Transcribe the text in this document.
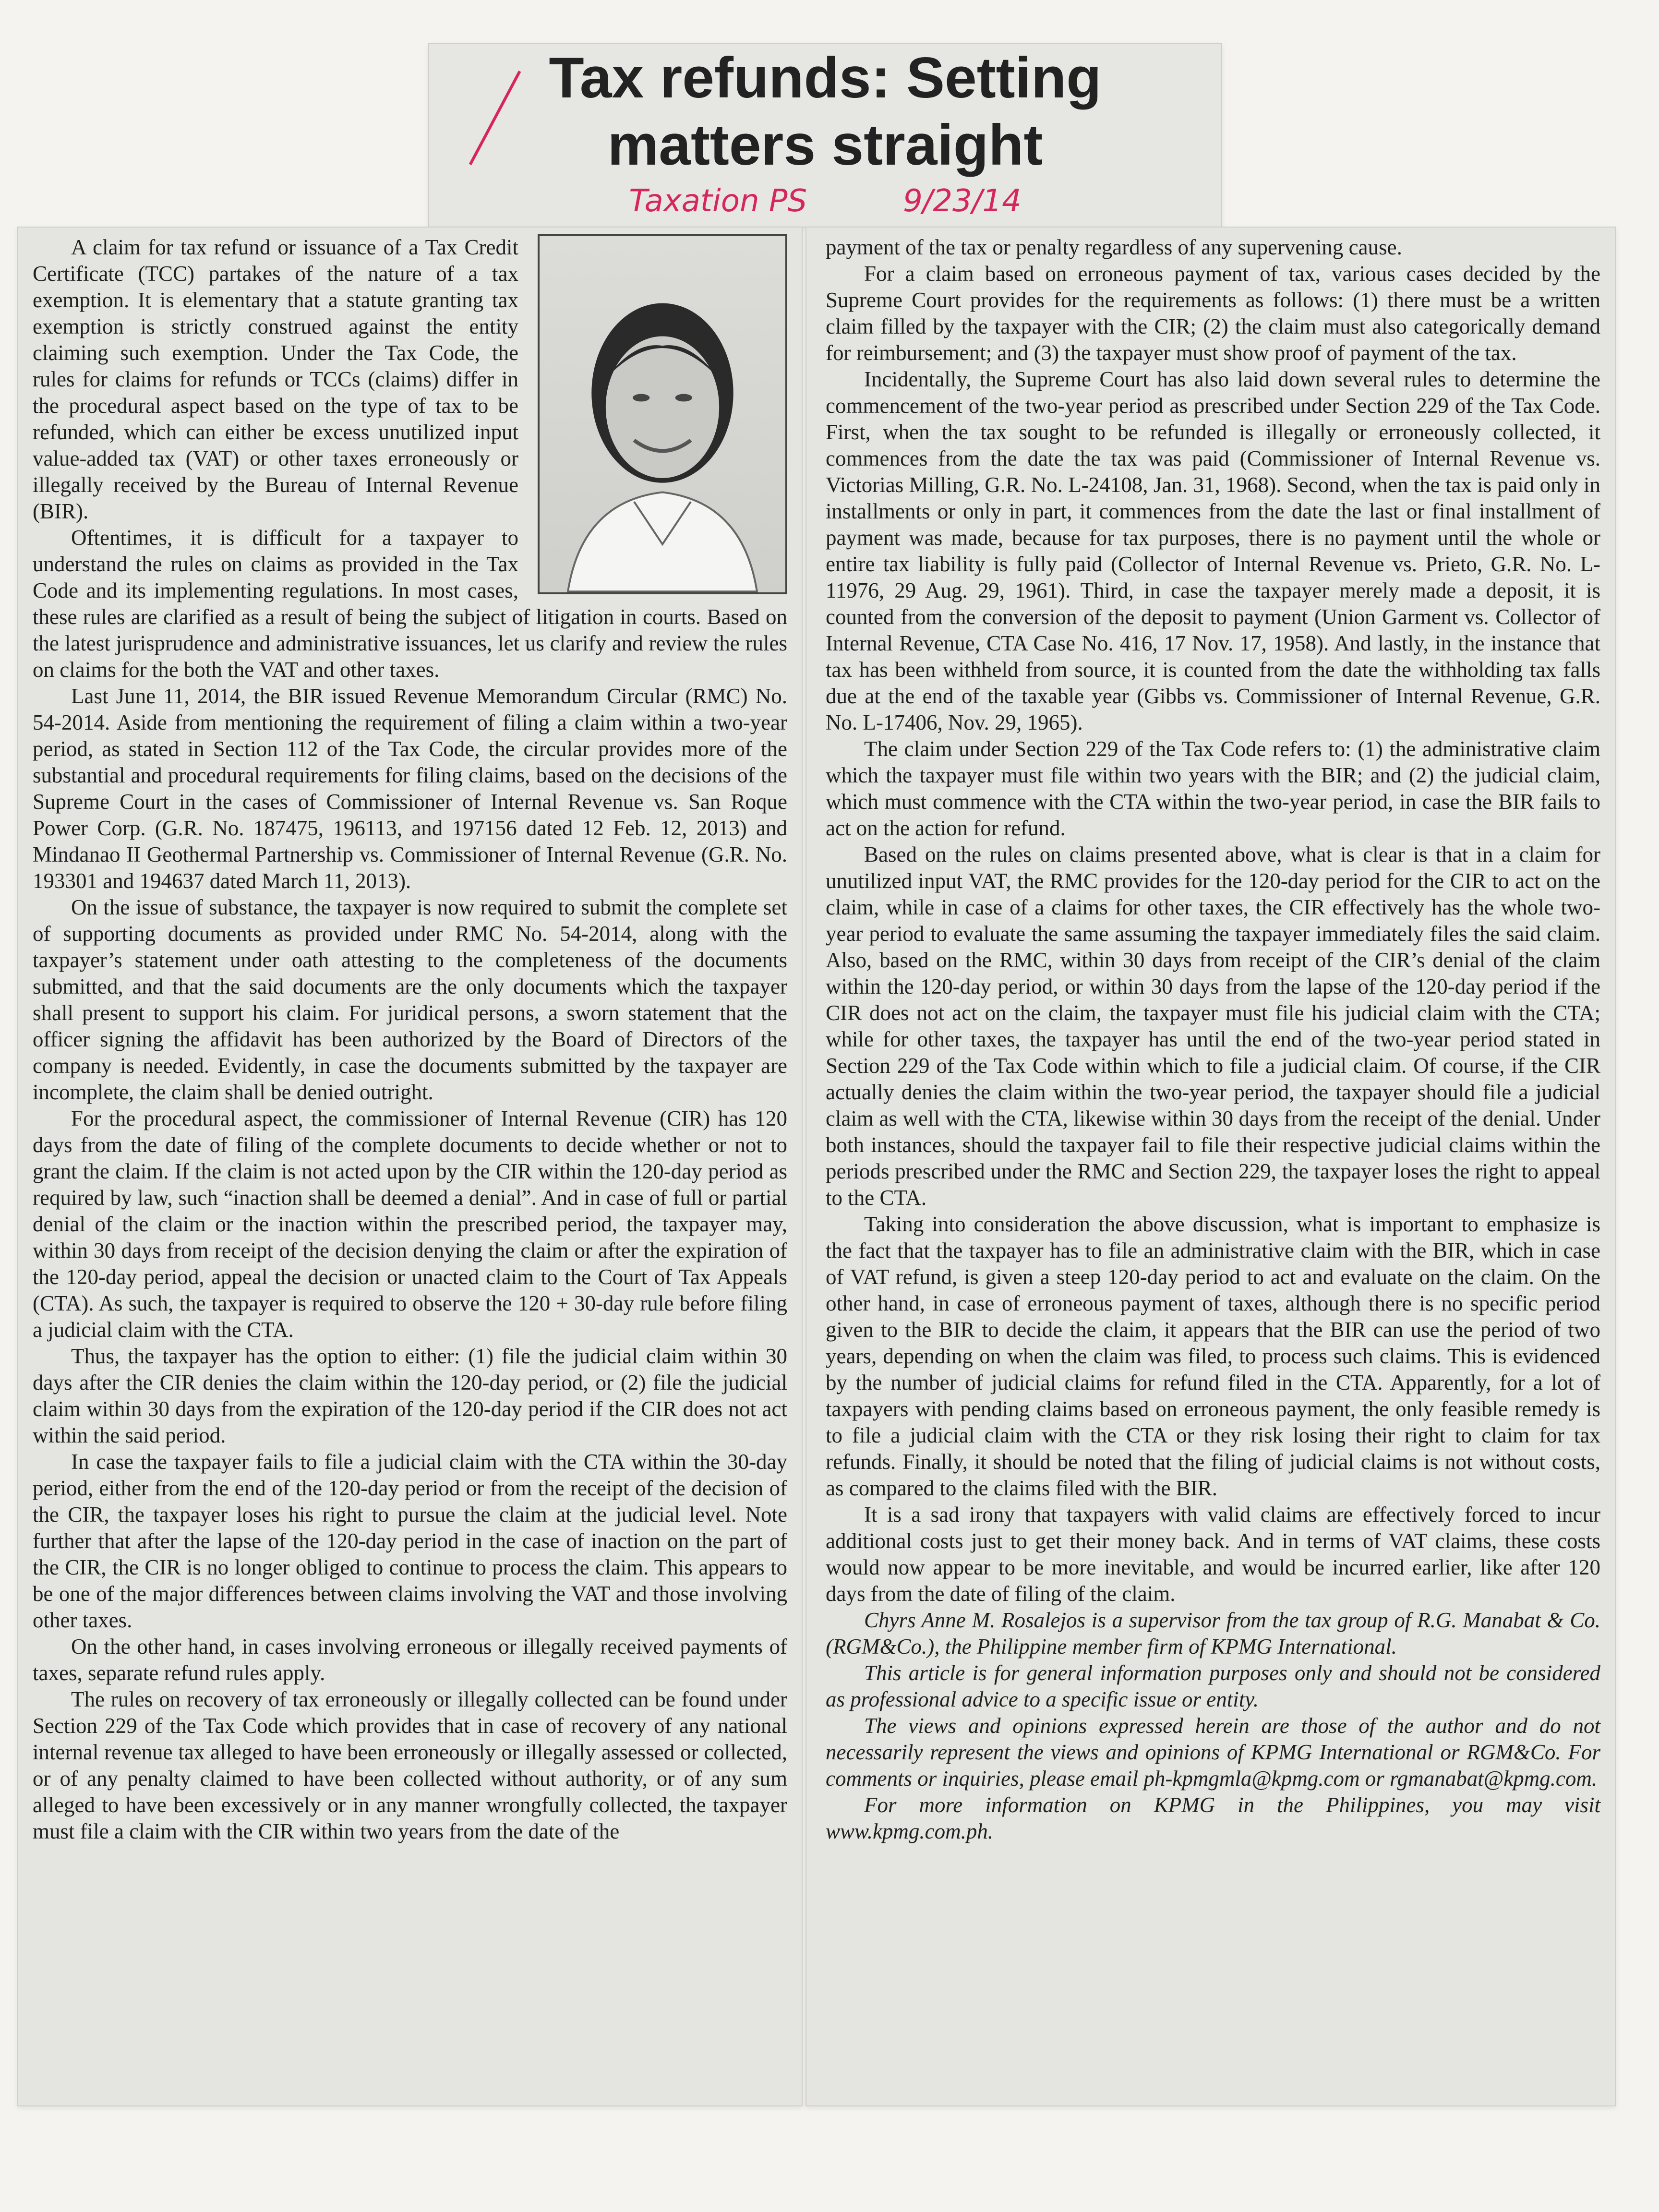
Tax refunds: Setting
matters straight
Taxation PS	9/23/14

A claim for tax refund or issuance of a Tax Credit Certificate (TCC) partakes of the nature of a tax exemption. It is elementary that a statute granting tax exemption is strictly construed against the entity claiming such exemption. Under the Tax Code, the rules for claims for refunds or TCCs (claims) differ in the procedural aspect based on the type of tax to be refunded, which can either be excess unutilized input value-added tax (VAT) or other taxes erroneously or illegally received by the Bureau of Internal Revenue (BIR).

Oftentimes, it is difficult for a taxpayer to understand the rules on claims as provided in the Tax Code and its implementing regulations. In most cases, these rules are clarified as a result of being the subject of litigation in courts. Based on the latest jurisprudence and administrative issuances, let us clarify and review the rules on claims for the both the VAT and other taxes.

Last June 11, 2014, the BIR issued Revenue Memorandum Circular (RMC) No. 54-2014. Aside from mentioning the requirement of filing a claim within a two-year period, as stated in Section 112 of the Tax Code, the circular provides more of the substantial and procedural requirements for filing claims, based on the decisions of the Supreme Court in the cases of Commissioner of Internal Revenue vs. San Roque Power Corp. (G.R. No. 187475, 196113, and 197156 dated 12 Feb. 12, 2013) and Mindanao II Geothermal Partnership vs. Commissioner of Internal Revenue (G.R. No. 193301 and 194637 dated March 11, 2013).

On the issue of substance, the taxpayer is now required to submit the complete set of supporting documents as provided under RMC No. 54-2014, along with the taxpayer’s statement under oath attesting to the completeness of the documents submitted, and that the said documents are the only documents which the taxpayer shall present to support his claim. For juridical persons, a sworn statement that the officer signing the affidavit has been authorized by the Board of Directors of the company is needed. Evidently, in case the documents submitted by the taxpayer are incomplete, the claim shall be denied outright.

For the procedural aspect, the commissioner of Internal Revenue (CIR) has 120 days from the date of filing of the complete documents to decide whether or not to grant the claim. If the claim is not acted upon by the CIR within the 120-day period as required by law, such “inaction shall be deemed a denial”. And in case of full or partial denial of the claim or the inaction within the prescribed period, the taxpayer may, within 30 days from receipt of the decision denying the claim or after the expiration of the 120-day period, appeal the decision or unacted claim to the Court of Tax Appeals (CTA). As such, the taxpayer is required to observe the 120 + 30-day rule before filing a judicial claim with the CTA.

Thus, the taxpayer has the option to either: (1) file the judicial claim within 30 days after the CIR denies the claim within the 120-day period, or (2) file the judicial claim within 30 days from the expiration of the 120-day period if the CIR does not act within the said period.

In case the taxpayer fails to file a judicial claim with the CTA within the 30-day period, either from the end of the 120-day period or from the receipt of the decision of the CIR, the taxpayer loses his right to pursue the claim at the judicial level. Note further that after the lapse of the 120-day period in the case of inaction on the part of the CIR, the CIR is no longer obliged to continue to process the claim. This appears to be one of the major differences between claims involving the VAT and those involving other taxes.

On the other hand, in cases involving erroneous or illegally received payments of taxes, separate refund rules apply.

The rules on recovery of tax erroneously or illegally collected can be found under Section 229 of the Tax Code which provides that in case of recovery of any national internal revenue tax alleged to have been erroneously or illegally assessed or collected, or of any penalty claimed to have been collected without authority, or of any sum alleged to have been excessively or in any manner wrongfully collected, the taxpayer must file a claim with the CIR within two years from the date of the

payment of the tax or penalty regardless of any supervening cause.

For a claim based on erroneous payment of tax, various cases decided by the Supreme Court provides for the requirements as follows: (1) there must be a written claim filled by the taxpayer with the CIR; (2) the claim must also categorically demand for reimbursement; and (3) the taxpayer must show proof of payment of the tax.

Incidentally, the Supreme Court has also laid down several rules to determine the commencement of the two-year period as prescribed under Section 229 of the Tax Code. First, when the tax sought to be refunded is illegally or erroneously collected, it commences from the date the tax was paid (Commissioner of Internal Revenue vs. Victorias Milling, G.R. No. L-24108, Jan. 31, 1968). Second, when the tax is paid only in installments or only in part, it commences from the date the last or final installment of payment was made, because for tax purposes, there is no payment until the whole or entire tax liability is fully paid (Collector of Internal Revenue vs. Prieto, G.R. No. L-11976, 29 Aug. 29, 1961). Third, in case the taxpayer merely made a deposit, it is counted from the conversion of the deposit to payment (Union Garment vs. Collector of Internal Revenue, CTA Case No. 416, 17 Nov. 17, 1958). And lastly, in the instance that tax has been withheld from source, it is counted from the date the withholding tax falls due at the end of the taxable year (Gibbs vs. Commissioner of Internal Revenue, G.R. No. L-17406, Nov. 29, 1965).

The claim under Section 229 of the Tax Code refers to: (1) the administrative claim which the taxpayer must file within two years with the BIR; and (2) the judicial claim, which must commence with the CTA within the two-year period, in case the BIR fails to act on the action for refund.

Based on the rules on claims presented above, what is clear is that in a claim for unutilized input VAT, the RMC provides for the 120-day period for the CIR to act on the claim, while in case of a claims for other taxes, the CIR effectively has the whole two-year period to evaluate the same assuming the taxpayer immediately files the said claim. Also, based on the RMC, within 30 days from receipt of the CIR’s denial of the claim within the 120-day period, or within 30 days from the lapse of the 120-day period if the CIR does not act on the claim, the taxpayer must file his judicial claim with the CTA; while for other taxes, the taxpayer has until the end of the two-year period stated in Section 229 of the Tax Code within which to file a judicial claim. Of course, if the CIR actually denies the claim within the two-year period, the taxpayer should file a judicial claim as well with the CTA, likewise within 30 days from the receipt of the denial. Under both instances, should the taxpayer fail to file their respective judicial claims within the periods prescribed under the RMC and Section 229, the taxpayer loses the right to appeal to the CTA.

Taking into consideration the above discussion, what is important to emphasize is the fact that the taxpayer has to file an administrative claim with the BIR, which in case of VAT refund, is given a steep 120-day period to act and evaluate on the claim. On the other hand, in case of erroneous payment of taxes, although there is no specific period given to the BIR to decide the claim, it appears that the BIR can use the period of two years, depending on when the claim was filed, to process such claims. This is evidenced by the number of judicial claims for refund filed in the CTA. Apparently, for a lot of taxpayers with pending claims based on erroneous payment, the only feasible remedy is to file a judicial claim with the CTA or they risk losing their right to claim for tax refunds. Finally, it should be noted that the filing of judicial claims is not without costs, as compared to the claims filed with the BIR.

It is a sad irony that taxpayers with valid claims are effectively forced to incur additional costs just to get their money back. And in terms of VAT claims, these costs would now appear to be more inevitable, and would be incurred earlier, like after 120 days from the date of filing of the claim.

Chyrs Anne M. Rosalejos is a supervisor from the tax group of R.G. Manabat & Co. (RGM&Co.), the Philippine member firm of KPMG International.

This article is for general information purposes only and should not be considered as professional advice to a specific issue or entity.

The views and opinions expressed herein are those of the author and do not necessarily represent the views and opinions of KPMG International or RGM&Co. For comments or inquiries, please email ph-kpmgmla@kpmg.com or rgmanabat@kpmg.com.

For more information on KPMG in the Philippines, you may visit www.kpmg.com.ph.
